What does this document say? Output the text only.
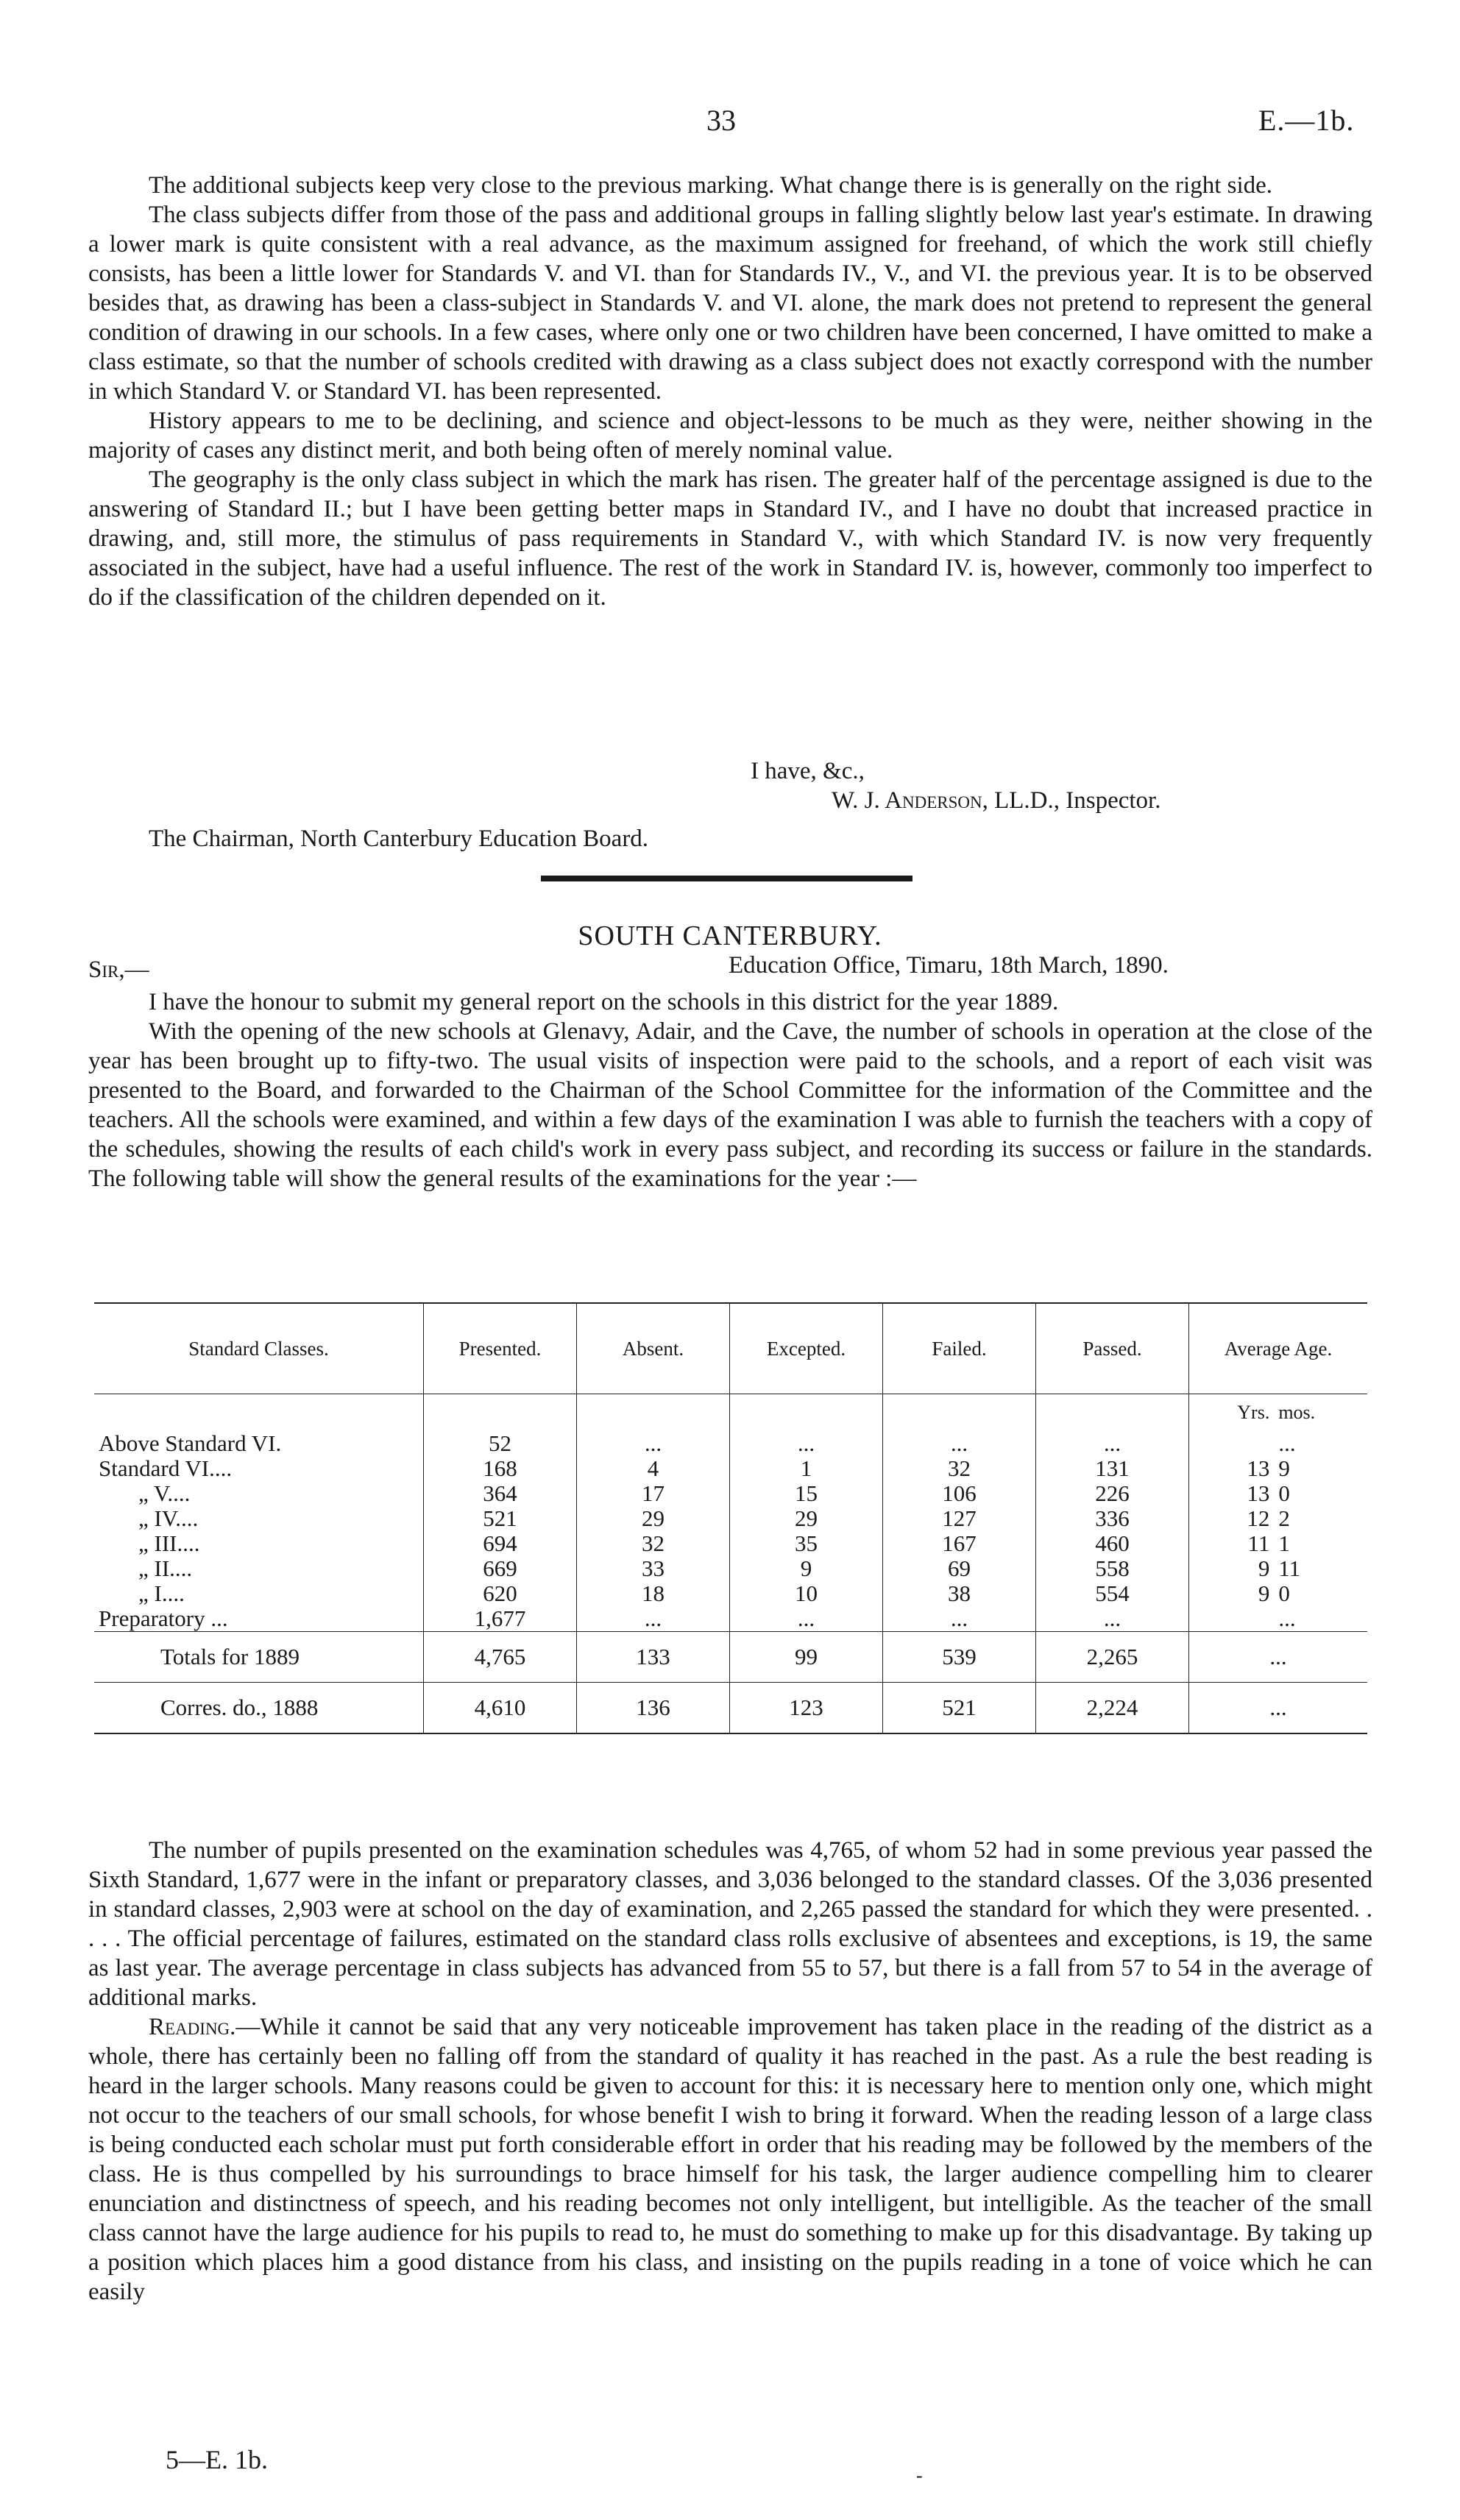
33	E.—1b.

The additional subjects keep very close to the previous marking. What change there is is generally on the right side.

The class subjects differ from those of the pass and additional groups in falling slightly below last year's estimate. In drawing a lower mark is quite consistent with a real advance, as the maximum assigned for freehand, of which the work still chiefly consists, has been a little lower for Standards V. and VI. than for Standards IV., V., and VI. the previous year. It is to be observed besides that, as drawing has been a class-subject in Standards V. and VI. alone, the mark does not pretend to represent the general condition of drawing in our schools. In a few cases, where only one or two children have been concerned, I have omitted to make a class estimate, so that the number of schools credited with drawing as a class subject does not exactly correspond with the number in which Standard V. or Standard VI. has been represented.

History appears to me to be declining, and science and object-lessons to be much as they were, neither showing in the majority of cases any distinct merit, and both being often of merely nominal value.

The geography is the only class subject in which the mark has risen. The greater half of the percentage assigned is due to the answering of Standard II.; but I have been getting better maps in Standard IV., and I have no doubt that increased practice in drawing, and, still more, the stimulus of pass requirements in Standard V., with which Standard IV. is now very frequently associated in the subject, have had a useful influence. The rest of the work in Standard IV. is, however, commonly too imperfect to do if the classification of the children depended on it.

I have, &c.,
W. J. Anderson, LL.D., Inspector.
The Chairman, North Canterbury Education Board.
SOUTH CANTERBURY.
Sir,—	Education Office, Timaru, 18th March, 1890.

I have the honour to submit my general report on the schools in this district for the year 1889.

With the opening of the new schools at Glenavy, Adair, and the Cave, the number of schools in operation at the close of the year has been brought up to fifty-two. The usual visits of inspection were paid to the schools, and a report of each visit was presented to the Board, and forwarded to the Chairman of the School Committee for the information of the Committee and the teachers. All the schools were examined, and within a few days of the examination I was able to furnish the teachers with a copy of the schedules, showing the results of each child's work in every pass subject, and recording its success or failure in the standards. The following table will show the general results of the examinations for the year :—

Standard Classes.	Presented.	Absent.	Excepted.	Failed.	Passed.	Average Age.	
						Yrs.	mos.
Above Standard VI.	52	...	...	...	...		...
Standard VI....	168	4	1	32	131	13	9
„ V....	364	17	15	106	226	13	0
„ IV....	521	29	29	127	336	12	2
„ III....	694	32	35	167	460	11	1
„ II....	669	33	9	69	558	9	11
„ I....	620	18	10	38	554	9	0
Preparatory ...	1,677	...	...	...	...		...
Totals for 1889	4,765	133	99	539	2,265	...	
Corres. do., 1888	4,610	136	123	521	2,224	...	

The number of pupils presented on the examination schedules was 4,765, of whom 52 had in some previous year passed the Sixth Standard, 1,677 were in the infant or preparatory classes, and 3,036 belonged to the standard classes. Of the 3,036 presented in standard classes, 2,903 were at school on the day of examination, and 2,265 passed the standard for which they were presented. . . . . The official percentage of failures, estimated on the standard class rolls exclusive of absentees and exceptions, is 19, the same as last year. The average percentage in class subjects has advanced from 55 to 57, but there is a fall from 57 to 54 in the average of additional marks.

Reading.—While it cannot be said that any very noticeable improvement has taken place in the reading of the district as a whole, there has certainly been no falling off from the standard of quality it has reached in the past. As a rule the best reading is heard in the larger schools. Many reasons could be given to account for this: it is necessary here to mention only one, which might not occur to the teachers of our small schools, for whose benefit I wish to bring it forward. When the reading lesson of a large class is being conducted each scholar must put forth considerable effort in order that his reading may be followed by the members of the class. He is thus compelled by his surroundings to brace himself for his task, the larger audience compelling him to clearer enunciation and distinctness of speech, and his reading becomes not only intelligent, but intelligible. As the teacher of the small class cannot have the large audience for his pupils to read to, he must do something to make up for this disadvantage. By taking up a position which places him a good distance from his class, and insisting on the pupils reading in a tone of voice which he can easily

5—E. 1b.
-
